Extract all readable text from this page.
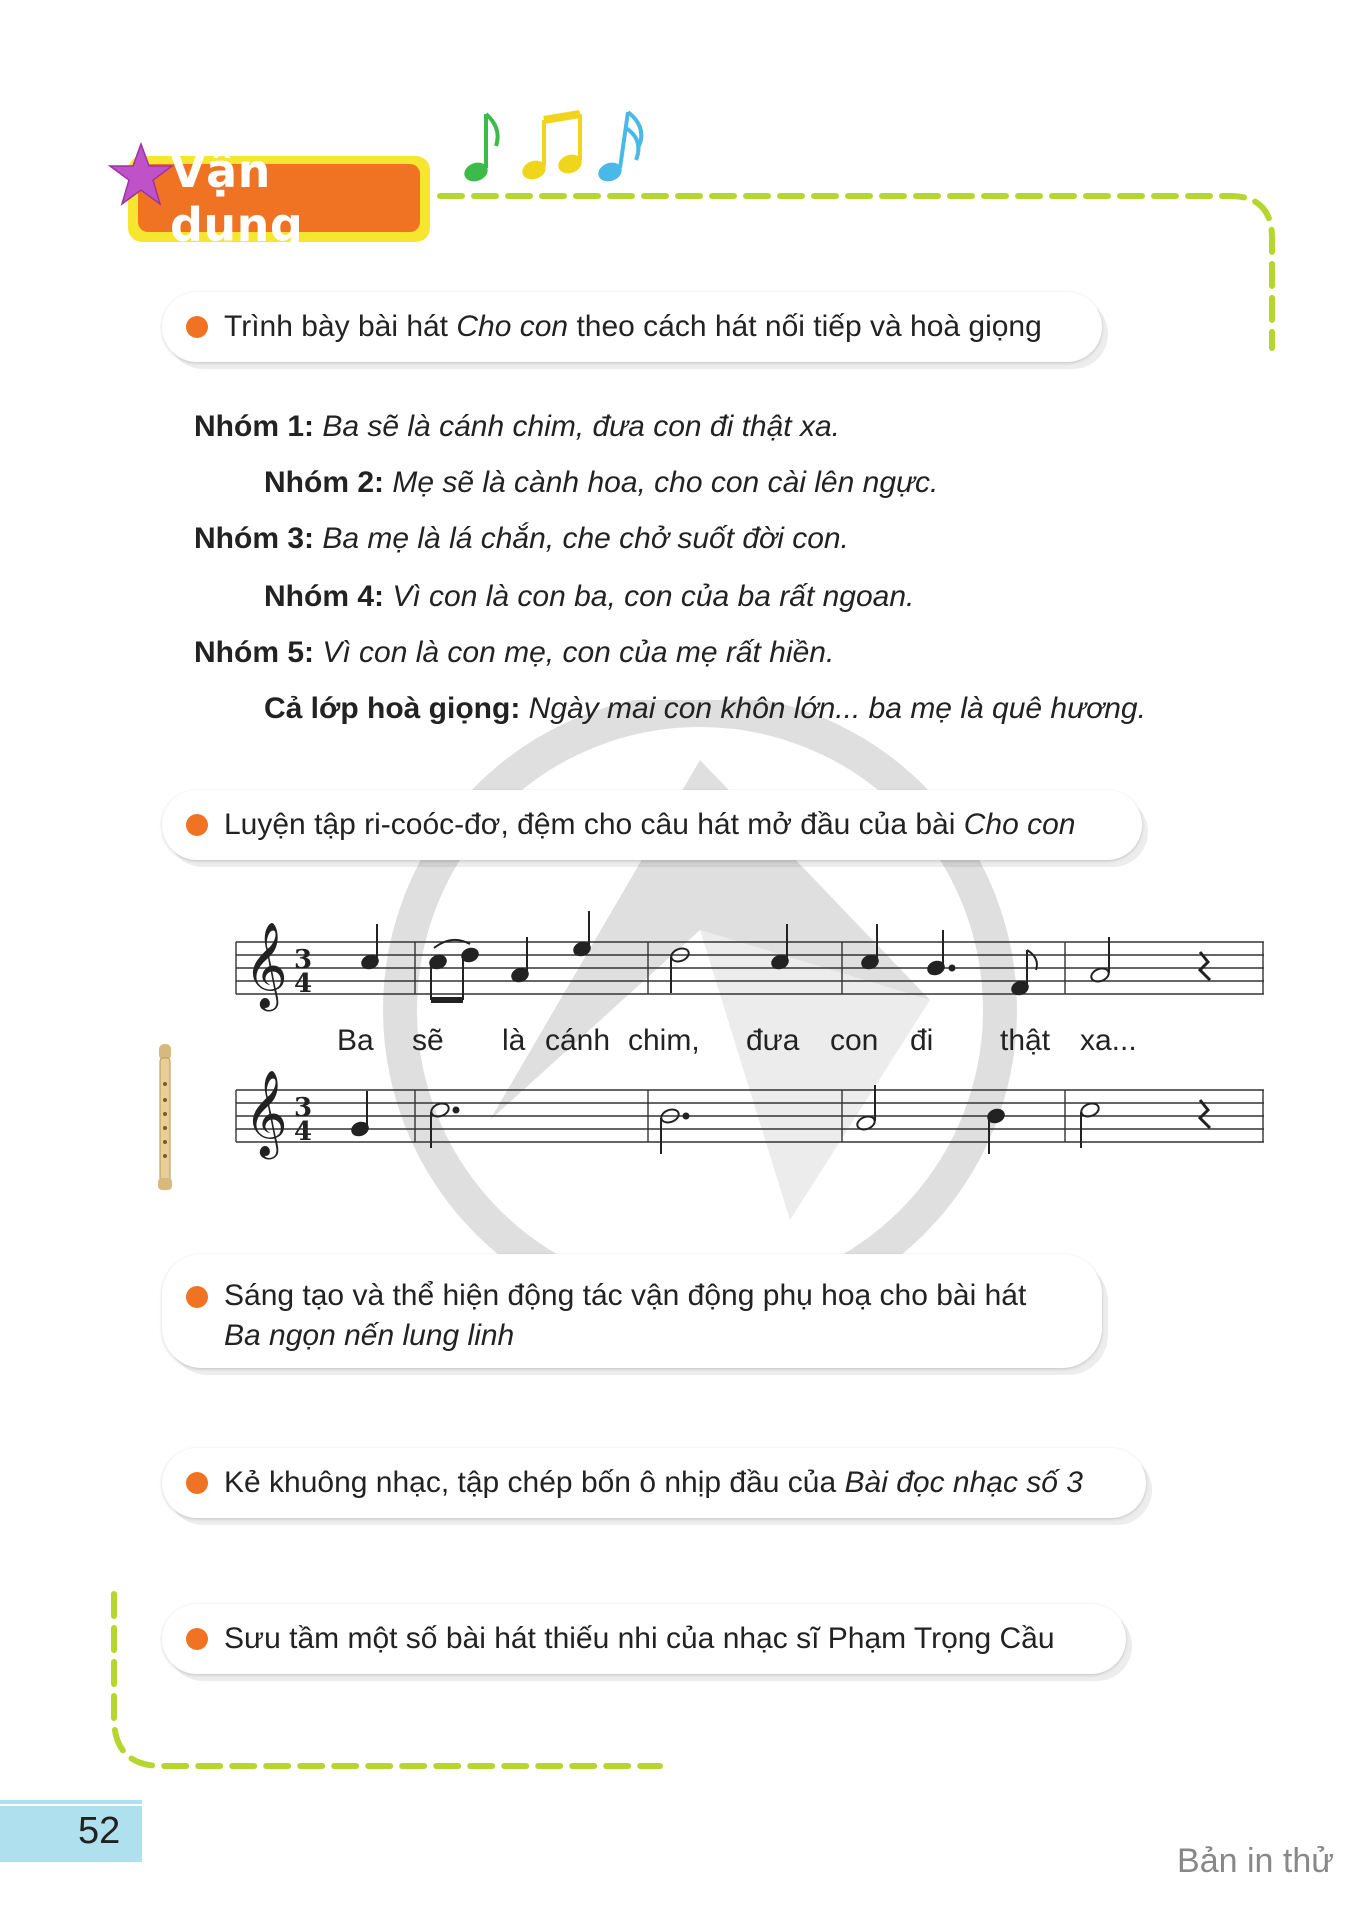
Vận dụng
Trình bày bài hát Cho con theo cách hát nối tiếp và hoà giọng
Nhóm 1: Ba sẽ là cánh chim, đưa con đi thật xa.
Nhóm 2: Mẹ sẽ là cành hoa, cho con cài lên ngực.
Nhóm 3: Ba mẹ là lá chắn, che chở suốt đời con.
Nhóm 4: Vì con là con ba, con của ba rất ngoan.
Nhóm 5: Vì con là con mẹ, con của mẹ rất hiền.
Cả lớp hoà giọng: Ngày mai con khôn lớn... ba mẹ là quê hương.
Luyện tập ri-coóc-đơ, đệm cho câu hát mở đầu của bài Cho con
𝄞 3
4
Ba sẽ là cánh chim, đưa con đi thật xa...
𝄞 3
4
Sáng tạo và thể hiện động tác vận động phụ hoạ cho bài hát
Ba ngọn nến lung linh
Kẻ khuông nhạc, tập chép bốn ô nhịp đầu của Bài đọc nhạc số 3
Sưu tầm một số bài hát thiếu nhi của nhạc sĩ Phạm Trọng Cầu
52
Bản in thử
